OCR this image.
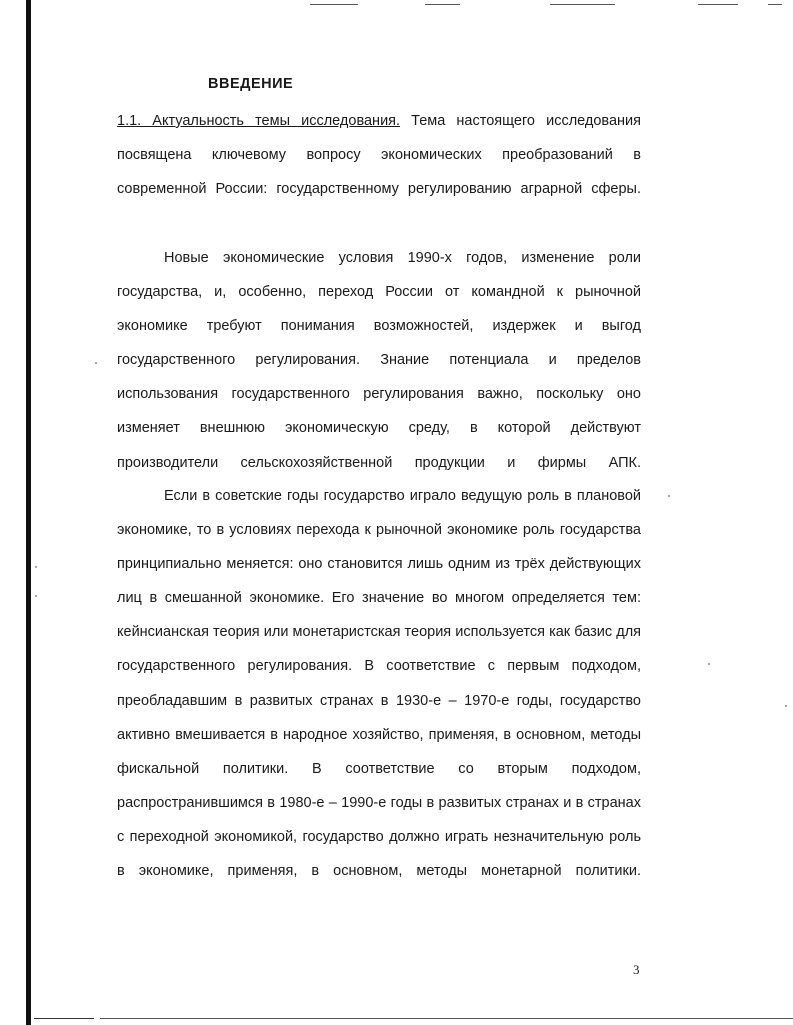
ВВЕДЕНИЕ
1.1. Актуальность темы исследования. Тема настоящего исследования посвящена ключевому вопросу экономических преобразований в современной России: государственному регулированию аграрной сферы.
Новые экономические условия 1990-х годов, изменение роли государства, и, особенно, переход России от командной к рыночной экономике требуют понимания возможностей, издержек и выгод государственного регулирования. Знание потенциала и пределов использования государственного регулирования важно, поскольку оно изменяет внешнюю экономическую среду, в которой действуют производители сельскохозяйственной продукции и фирмы АПК.
Если в советские годы государство играло ведущую роль в плановой экономике, то в условиях перехода к рыночной экономике роль государства принципиально меняется: оно становится лишь одним из трёх действующих лиц в смешанной экономике. Его значение во многом определяется тем: кейнсианская теория или монетаристская теория используется как базис для государственного регулирования. В соответствие с первым подходом, преобладавшим в развитых странах в 1930-е – 1970-е годы, государство активно вмешивается в народное хозяйство, применяя, в основном, методы фискальной политики. В соответствие со вторым подходом, распространившимся в 1980-е – 1990-е годы в развитых странах и в странах с переходной экономикой, государство должно играть незначительную роль в экономике, применяя, в основном, методы монетарной политики.
3
